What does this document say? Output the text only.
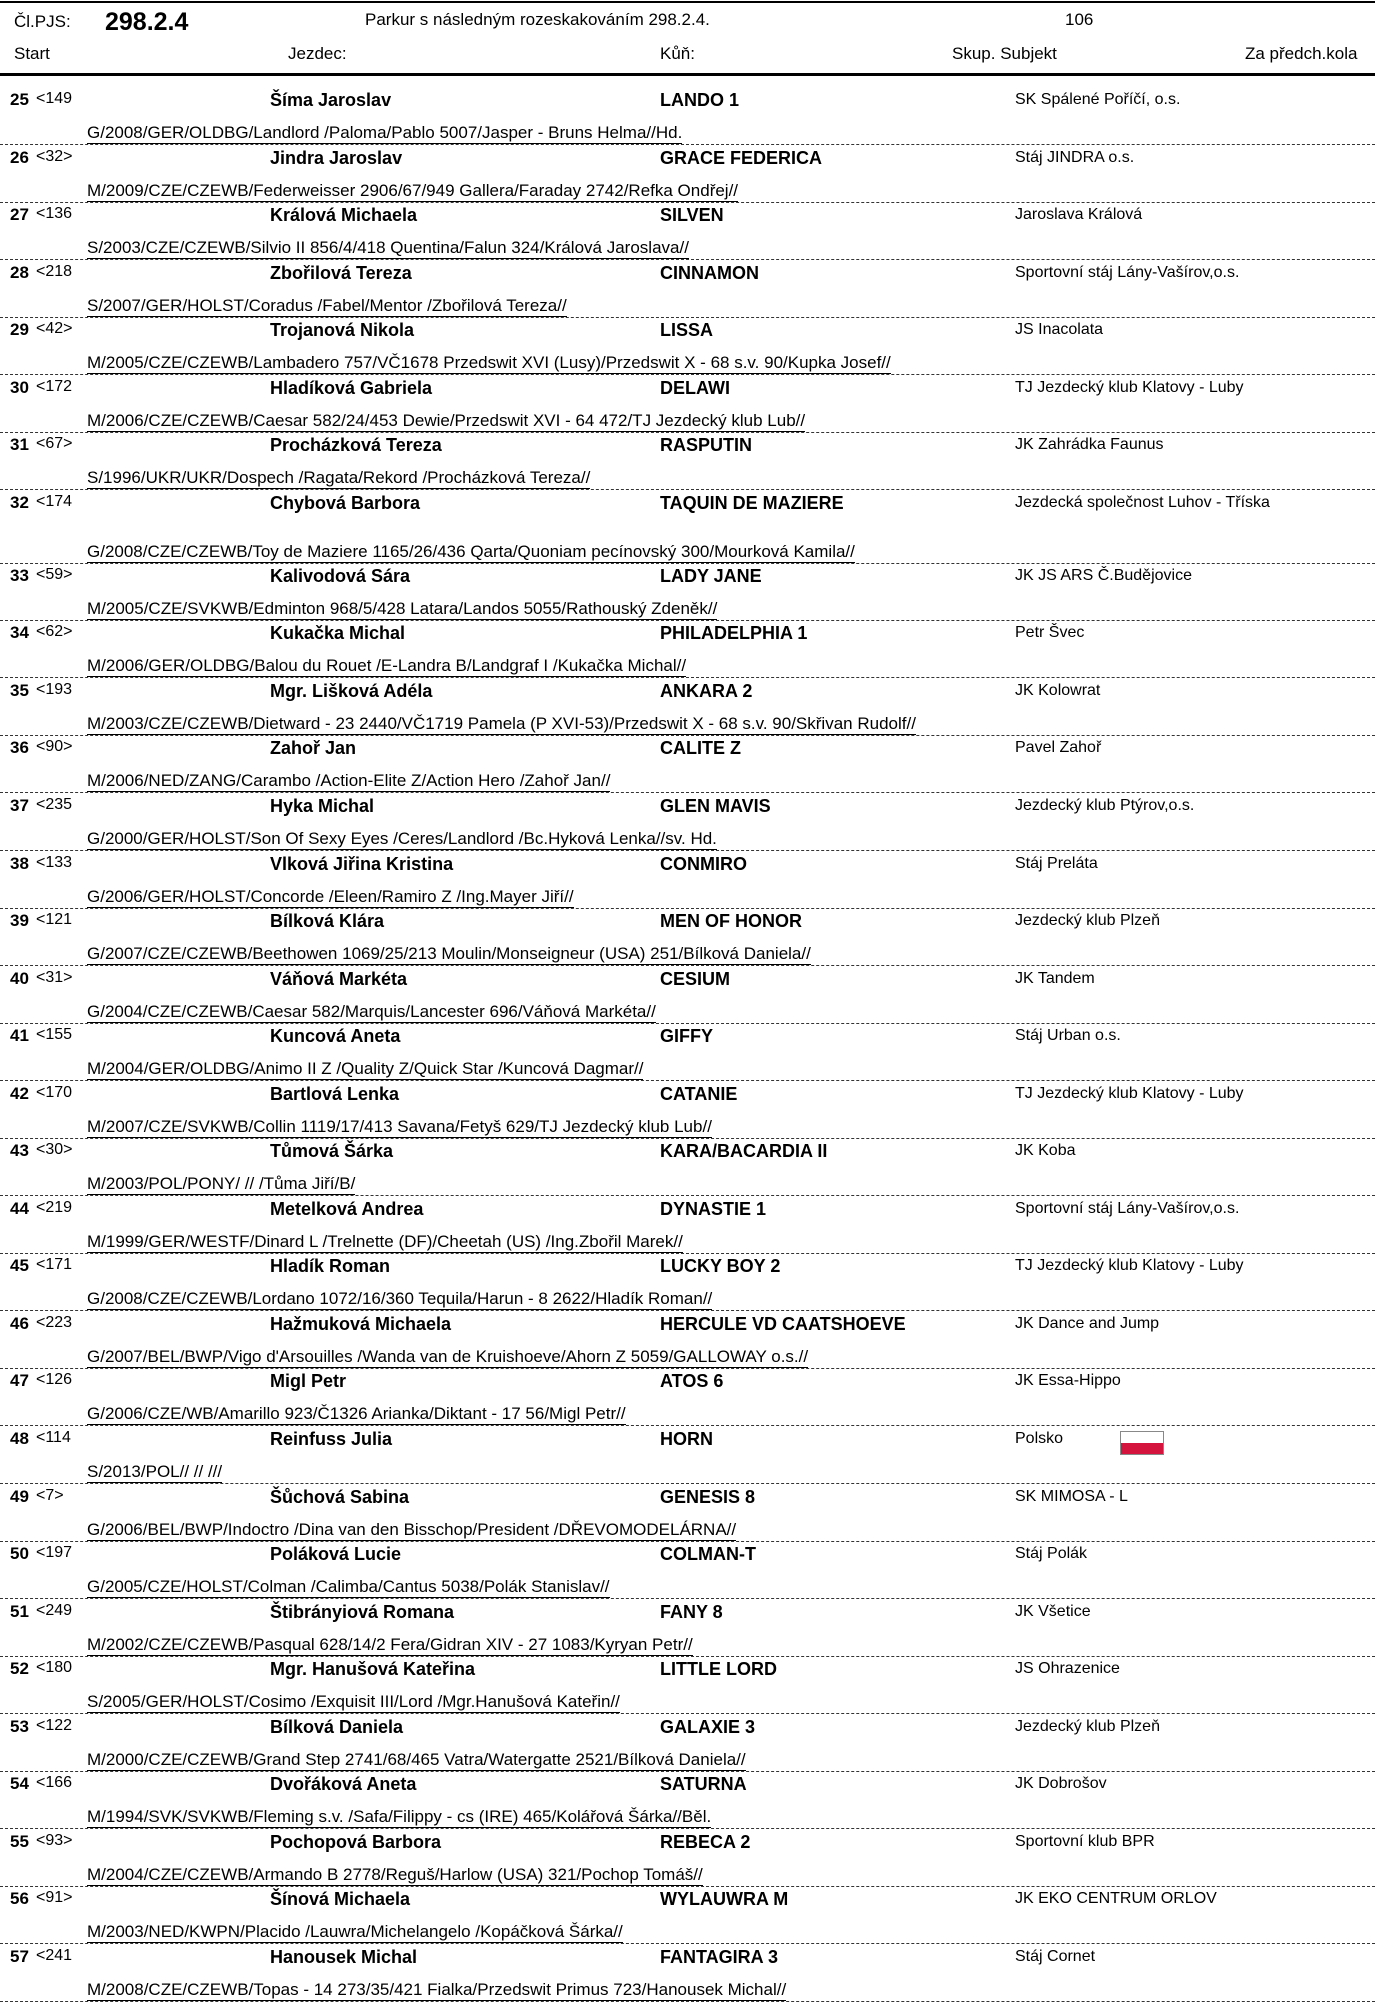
Čl.PJS: 298.2.4	Parkur s následným rozeskakováním 298.2.4.	106
Start	Jezdec:	Kůň:	Skup. Subjekt	Za předch.kola
25 <149	Šíma Jaroslav	LANDO 1	SK Spálené Poříčí, o.s.
G/2008/GER/OLDBG/Landlord /Paloma/Pablo 5007/Jasper - Bruns Helma//Hd.
26 <32>	Jindra Jaroslav	GRACE FEDERICA	Stáj JINDRA o.s.
M/2009/CZE/CZEWB/Federweisser 2906/67/949 Gallera/Faraday 2742/Refka Ondřej//
27 <136	Králová Michaela	SILVEN	Jaroslava Králová
S/2003/CZE/CZEWB/Silvio II 856/4/418 Quentina/Falun 324/Králová Jaroslava//
28 <218	Zbořilová Tereza	CINNAMON	Sportovní stáj Lány-Vašírov,o.s.
S/2007/GER/HOLST/Coradus /Fabel/Mentor /Zbořilová Tereza//
29 <42>	Trojanová Nikola	LISSA	JS Inacolata
M/2005/CZE/CZEWB/Lambadero 757/VČ1678 Przedswit XVI (Lusy)/Przedswit X - 68 s.v. 90/Kupka Josef//
30 <172	Hladíková Gabriela	DELAWI	TJ Jezdecký klub Klatovy - Luby
M/2006/CZE/CZEWB/Caesar 582/24/453 Dewie/Przedswit XVI - 64 472/TJ Jezdecký klub Lub//
31 <67>	Procházková Tereza	RASPUTIN	JK Zahrádka Faunus
S/1996/UKR/UKR/Dospech /Ragata/Rekord /Procházková Tereza//
32 <174	Chybová Barbora	TAQUIN DE MAZIERE	Jezdecká společnost Luhov - Tříska
G/2008/CZE/CZEWB/Toy de Maziere 1165/26/436 Qarta/Quoniam pecínovský 300/Mourková Kamila//
33 <59>	Kalivodová Sára	LADY JANE	JK JS ARS Č.Budějovice
M/2005/CZE/SVKWB/Edminton 968/5/428 Latara/Landos 5055/Rathouský Zdeněk//
34 <62>	Kukačka Michal	PHILADELPHIA 1	Petr Švec
M/2006/GER/OLDBG/Balou du Rouet /E-Landra B/Landgraf I /Kukačka Michal//
35 <193	Mgr. Lišková Adéla	ANKARA 2	JK Kolowrat
M/2003/CZE/CZEWB/Dietward - 23 2440/VČ1719 Pamela (P XVI-53)/Przedswit X - 68 s.v. 90/Skřivan Rudolf//
36 <90>	Zahoř Jan	CALITE Z	Pavel Zahoř
M/2006/NED/ZANG/Carambo /Action-Elite Z/Action Hero /Zahoř Jan//
37 <235	Hyka Michal	GLEN MAVIS	Jezdecký klub Ptýrov,o.s.
G/2000/GER/HOLST/Son Of Sexy Eyes /Ceres/Landlord /Bc.Hyková Lenka//sv. Hd.
38 <133	Vlková Jiřina Kristina	CONMIRO	Stáj Preláta
G/2006/GER/HOLST/Concorde /Eleen/Ramiro Z /Ing.Mayer Jiří//
39 <121	Bílková Klára	MEN OF HONOR	Jezdecký klub Plzeň
G/2007/CZE/CZEWB/Beethowen 1069/25/213 Moulin/Monseigneur (USA) 251/Bílková Daniela//
40 <31>	Váňová Markéta	CESIUM	JK Tandem
G/2004/CZE/CZEWB/Caesar 582/Marquis/Lancester 696/Váňová Markéta//
41 <155	Kuncová Aneta	GIFFY	Stáj Urban o.s.
M/2004/GER/OLDBG/Animo II Z /Quality Z/Quick Star /Kuncová Dagmar//
42 <170	Bartlová Lenka	CATANIE	TJ Jezdecký klub Klatovy - Luby
M/2007/CZE/SVKWB/Collin 1119/17/413 Savana/Fetyš 629/TJ Jezdecký klub Lub//
43 <30>	Tůmová Šárka	KARA/BACARDIA II	JK Koba
M/2003/POL/PONY/ // /Tůma Jiří/B/
44 <219	Metelková Andrea	DYNASTIE 1	Sportovní stáj Lány-Vašírov,o.s.
M/1999/GER/WESTF/Dinard L /Trelnette (DF)/Cheetah (US) /Ing.Zbořil Marek//
45 <171	Hladík Roman	LUCKY BOY 2	TJ Jezdecký klub Klatovy - Luby
G/2008/CZE/CZEWB/Lordano 1072/16/360 Tequila/Harun - 8 2622/Hladík Roman//
46 <223	Hažmuková Michaela	HERCULE VD CAATSHOEVE	JK Dance and Jump
G/2007/BEL/BWP/Vigo d'Arsouilles /Wanda van de Kruishoeve/Ahorn Z 5059/GALLOWAY o.s.//
47 <126	Migl Petr	ATOS 6	JK Essa-Hippo
G/2006/CZE/WB/Amarillo 923/Č1326 Arianka/Diktant - 17 56/Migl Petr//
48 <114	Reinfuss Julia	HORN	Polsko
S/2013/POL// // ///
49 <7>	Šůchová Sabina	GENESIS 8	SK MIMOSA - L
G/2006/BEL/BWP/Indoctro /Dina van den Bisschop/President /DŘEVOMODELÁRNA//
50 <197	Poláková Lucie	COLMAN-T	Stáj Polák
G/2005/CZE/HOLST/Colman /Calimba/Cantus 5038/Polák Stanislav//
51 <249	Štibrányiová Romana	FANY 8	JK Všetice
M/2002/CZE/CZEWB/Pasqual 628/14/2 Fera/Gidran XIV - 27 1083/Kyryan Petr//
52 <180	Mgr. Hanušová Kateřina	LITTLE LORD	JS Ohrazenice
S/2005/GER/HOLST/Cosimo /Exquisit III/Lord /Mgr.Hanušová Kateřin//
53 <122	Bílková Daniela	GALAXIE 3	Jezdecký klub Plzeň
M/2000/CZE/CZEWB/Grand Step 2741/68/465 Vatra/Watergatte 2521/Bílková Daniela//
54 <166	Dvořáková Aneta	SATURNA	JK Dobrošov
M/1994/SVK/SVKWB/Fleming s.v. /Safa/Filippy - cs (IRE) 465/Kolářová Šárka//Běl.
55 <93>	Pochopová Barbora	REBECA 2	Sportovní klub BPR
M/2004/CZE/CZEWB/Armando B 2778/Reguš/Harlow (USA) 321/Pochop Tomáš//
56 <91>	Šínová Michaela	WYLAUWRA M	JK EKO CENTRUM ORLOV
M/2003/NED/KWPN/Placido /Lauwra/Michelangelo /Kopáčková Šárka//
57 <241	Hanousek Michal	FANTAGIRA 3	Stáj Cornet
M/2008/CZE/CZEWB/Topas - 14 273/35/421 Fialka/Przedswit Primus 723/Hanousek Michal//
